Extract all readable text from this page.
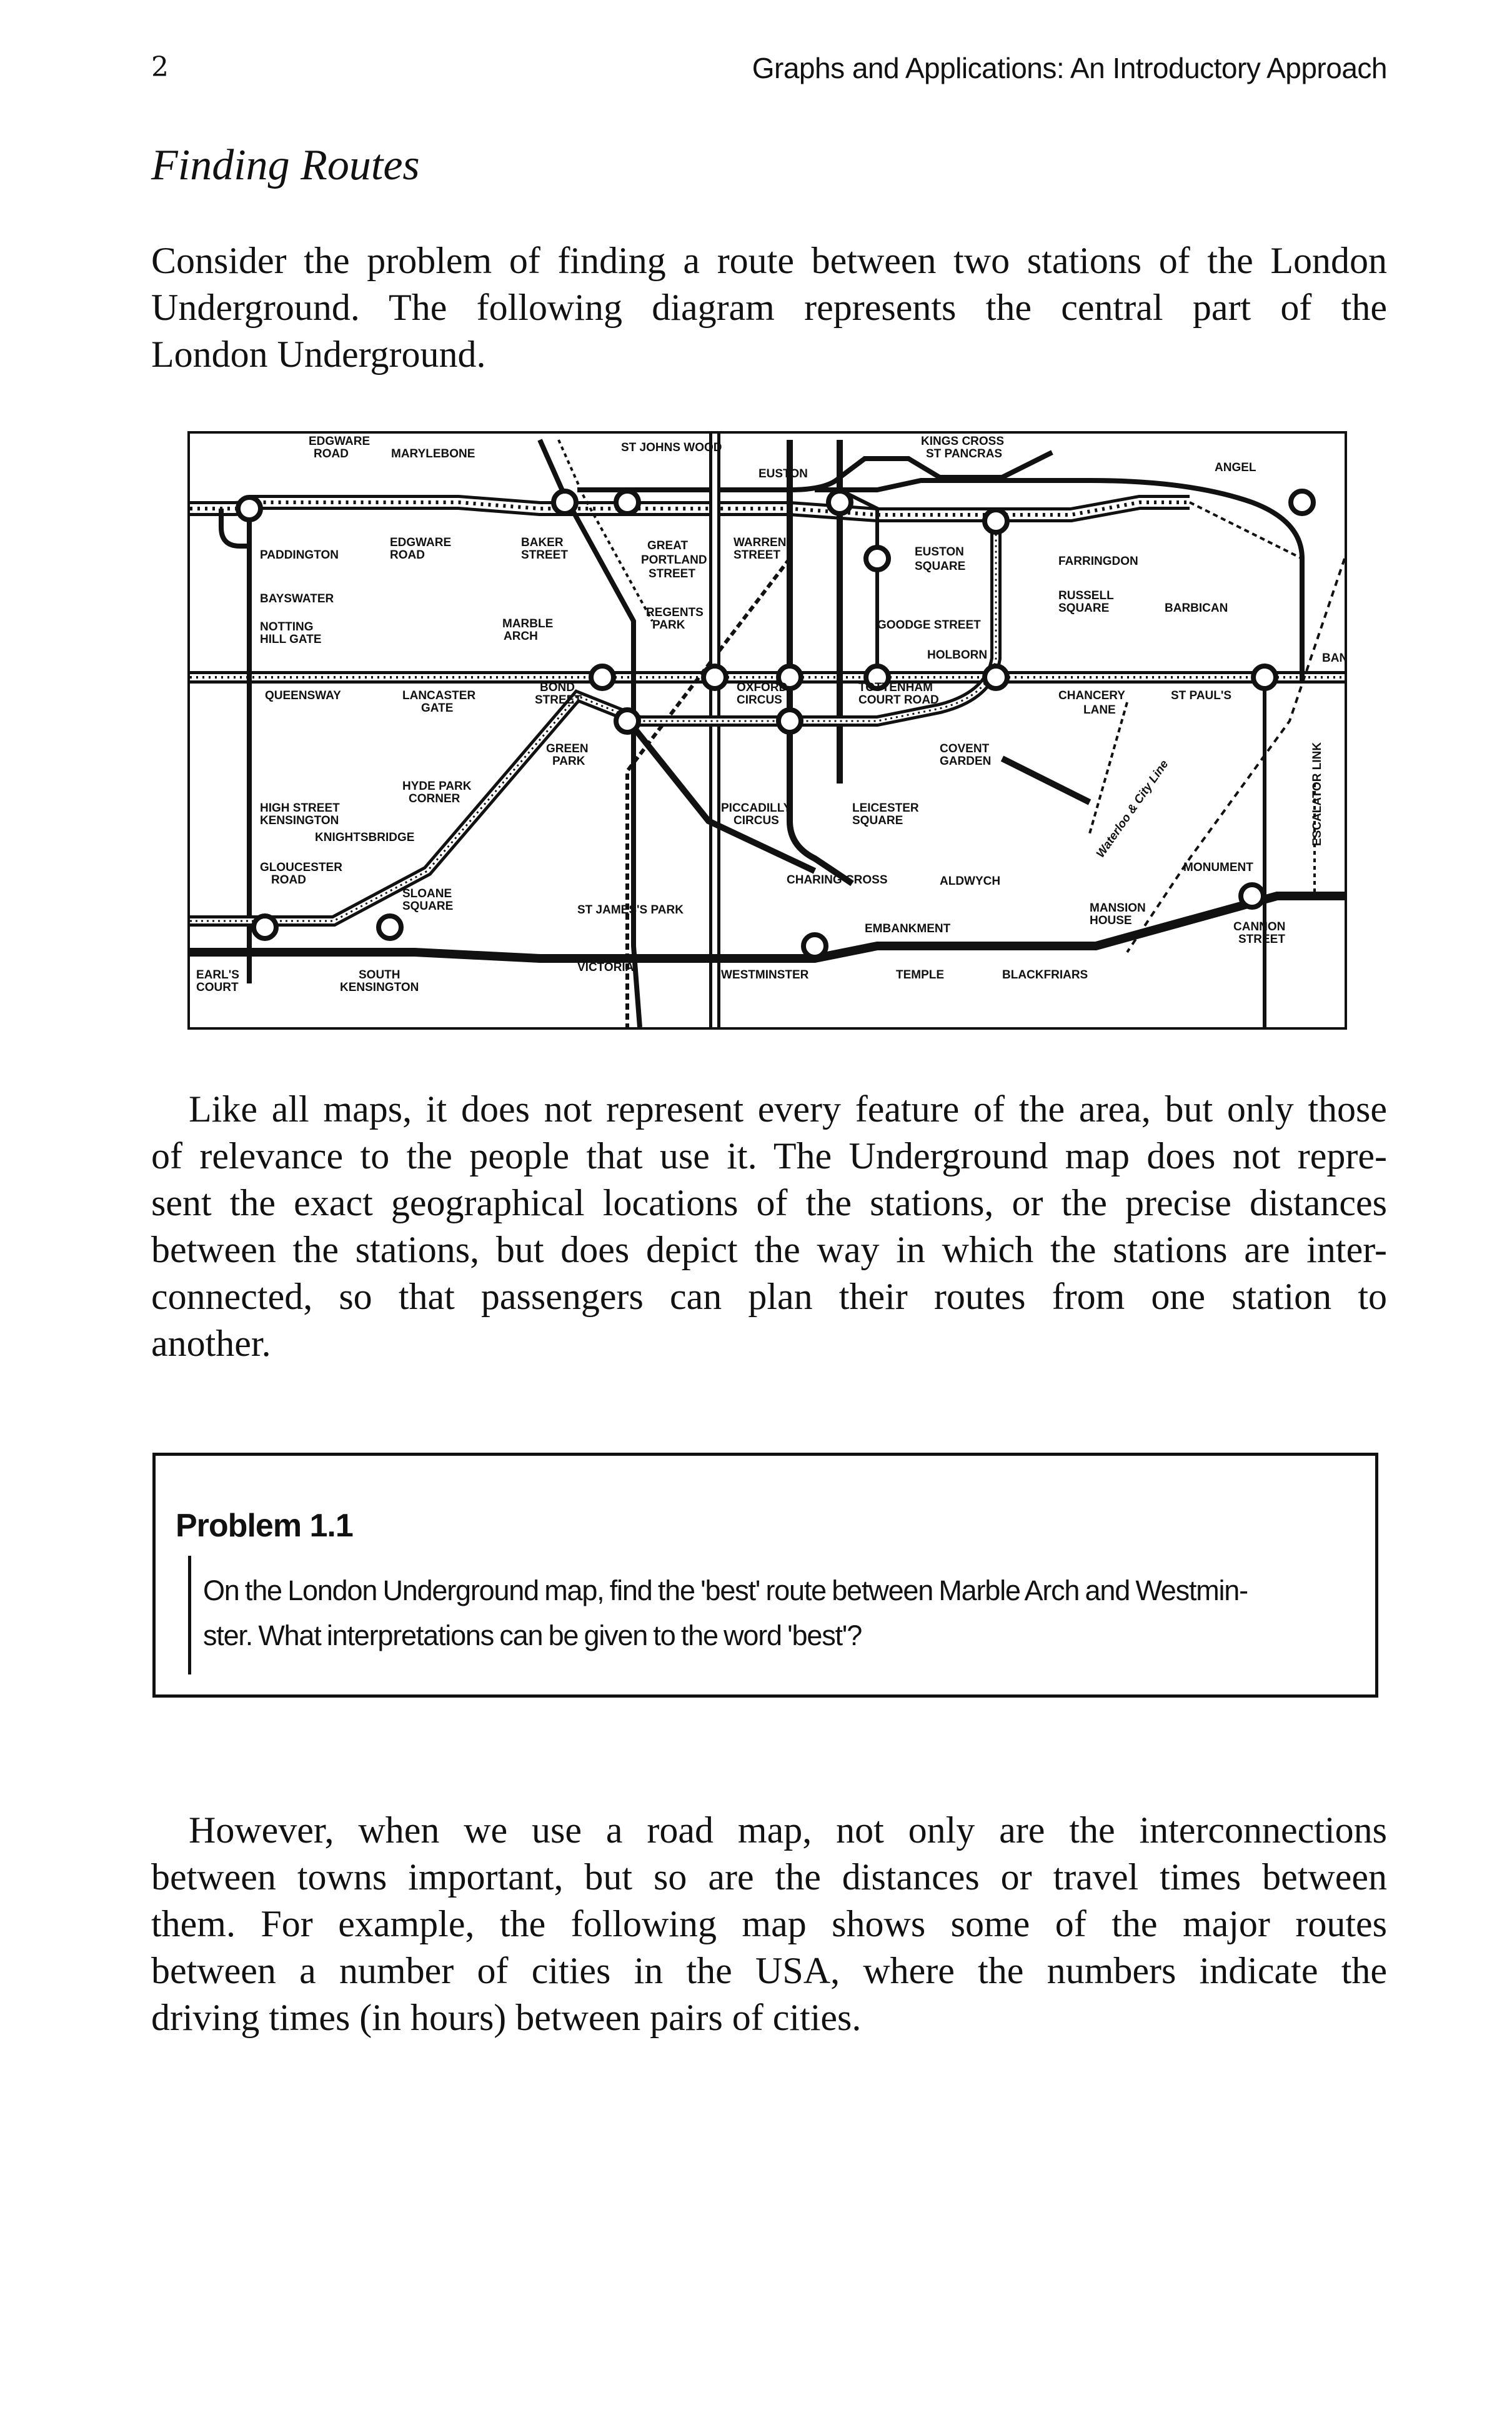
2	Graphs and Applications: An Introductory Approach
Finding Routes
Consider the problem of finding a route between two stations of the London
Underground. The following diagram represents the central part of the
London Underground.
EDGWARE
ROAD	MARYLEBONE	ST JOHNS WOOD
EUSTON
KINGS CROSS
ST PANCRAS
ANGEL
PADDINGTON
EDGWARE
ROAD
BAKER
STREET
GREAT
PORTLAND
STREET
WARREN
STREET	EUSTON
SQUARE	FARRINGDON
BAYSWATER
NOTTING
HILL GATE
MARBLE
ARCH
REGENTS
PARK	GOODGE STREET
RUSSELL
SQUARE	BARBICAN
HOLBORN
QUEENSWAY	LANCASTER
GATE
BOND
STREET
OXFORD
CIRCUS
TOTTENHAM
COURT ROAD	CHANCERY
LANE
ST PAUL'S
BAN
GREEN
PARK
COVENT
GARDEN
HYDE PARK
CORNER
HIGH STREET
KENSINGTON
PICCADILLY
CIRCUS
LEICESTER
SQUARE
KNIGHTSBRIDGE	Waterloo & City Line	ESCALATOR LINK
MONUMENT
GLOUCESTER
ROAD	CHARING CROSS	ALDWYCH
SLOANE
SQUARE	ST JAMES'S PARK
EMBANKMENT
MANSION
HOUSE	CANNON
STREET
EARL'S
COURT
SOUTH
KENSINGTON
VICTORIA
WESTMINSTER	TEMPLE	BLACKFRIARS
Like all maps, it does not represent every feature of the area, but only those
of relevance to the people that use it. The Underground map does not repre-
sent the exact geographical locations of the stations, or the precise distances
between the stations, but does depict the way in which the stations are inter-
connected, so that passengers can plan their routes from one station to
another.
Problem 1.1
On the London Underground map, find the 'best' route between Marble Arch and Westmin-
ster. What interpretations can be given to the word 'best'?
However, when we use a road map, not only are the interconnections
between towns important, but so are the distances or travel times between
them. For example, the following map shows some of the major routes
between a number of cities in the USA, where the numbers indicate the
driving times (in hours) between pairs of cities.
